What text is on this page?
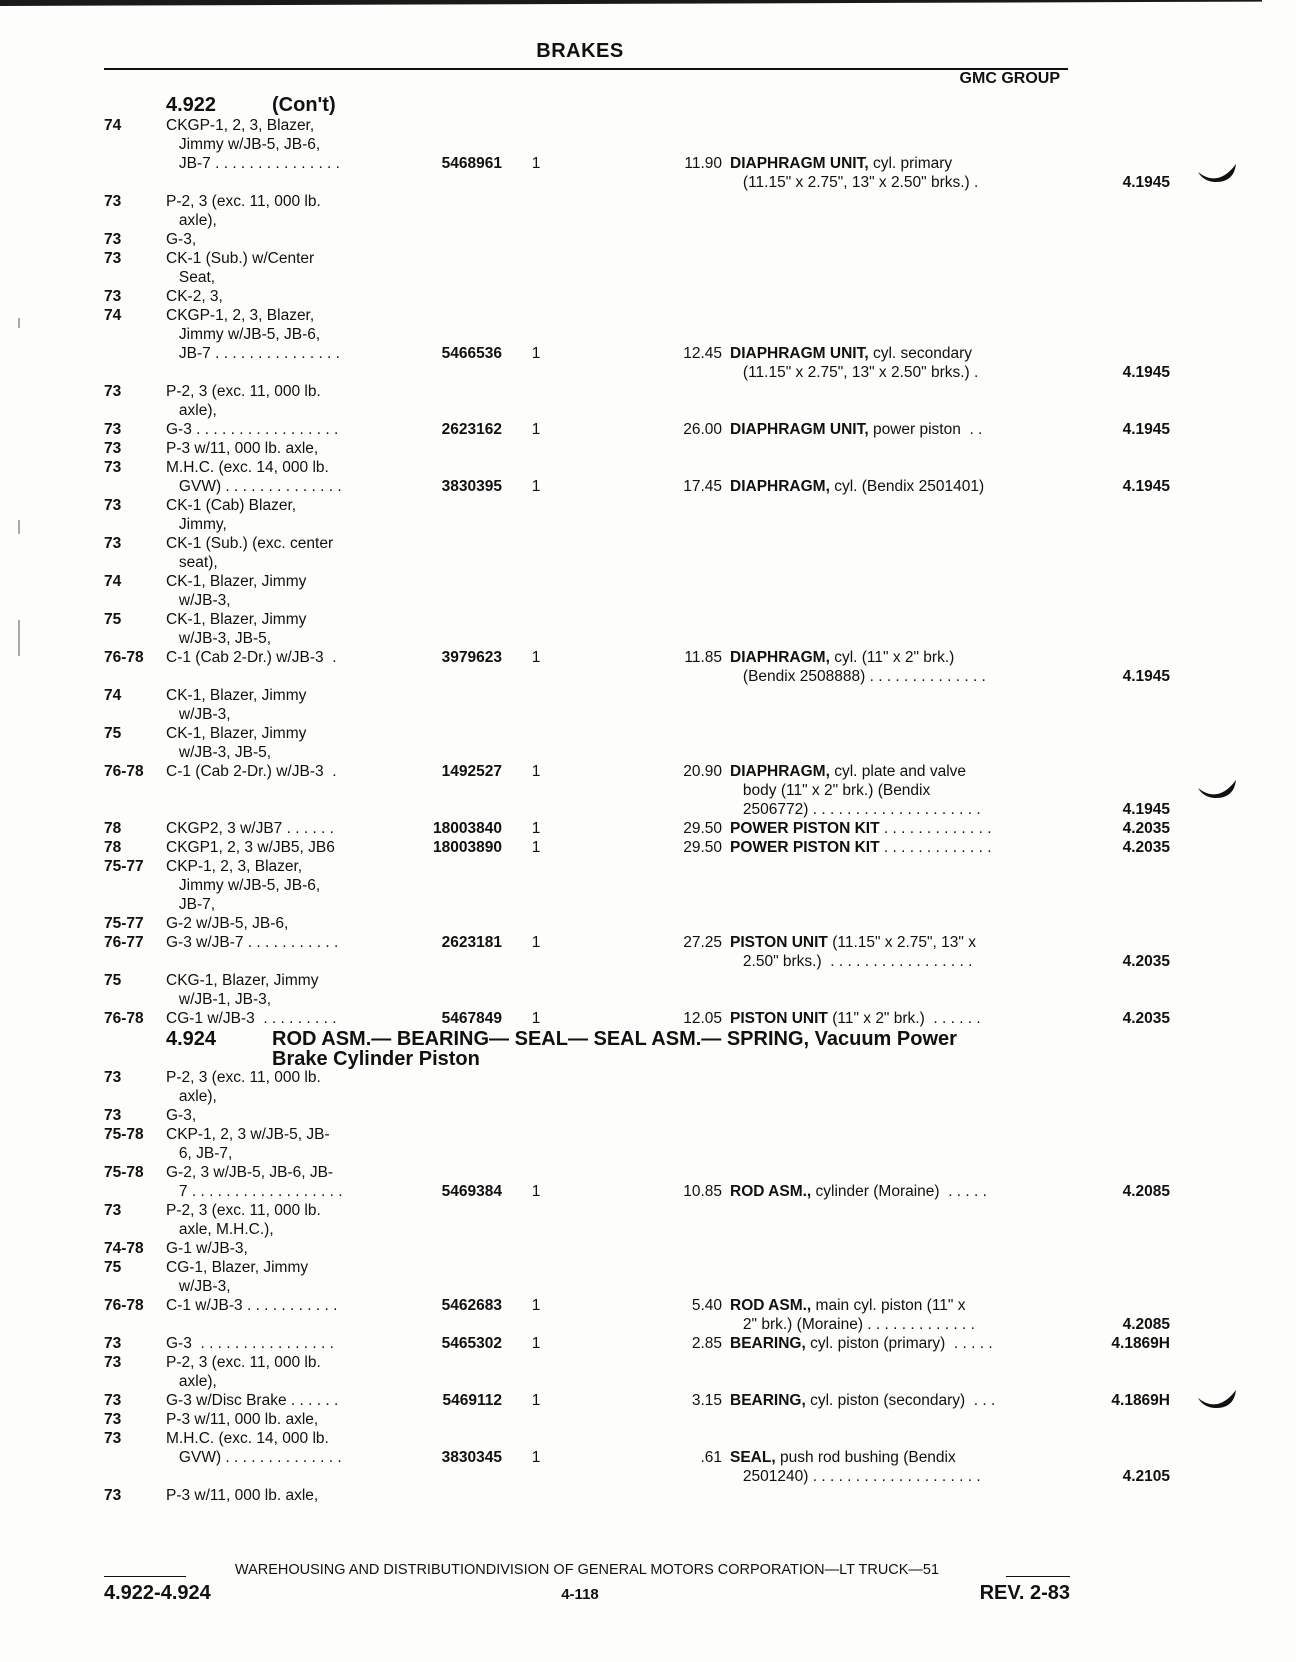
BRAKES
GMC GROUP
4.922	(Con't)
74	CKGP-1, 2, 3, Blazer,
Jimmy w/JB-5, JB-6,
JB-7 . . . . . . . . . . . . . . .	5468961	1	11.90 DIAPHRAGM UNIT, cyl. primary
(11.15" x 2.75", 13" x 2.50" brks.) .	4.1945
73	P-2, 3 (exc. 11, 000 lb.
axle),
73	G-3,
73	CK-1 (Sub.) w/Center
Seat,
73	CK-2, 3,
74	CKGP-1, 2, 3, Blazer,
Jimmy w/JB-5, JB-6,
JB-7 . . . . . . . . . . . . . . .	5466536	1	12.45 DIAPHRAGM UNIT, cyl. secondary
(11.15" x 2.75", 13" x 2.50" brks.) .	4.1945
73	P-2, 3 (exc. 11, 000 lb.
axle),
73	G-3 . . . . . . . . . . . . . . . . .	2623162	1	26.00 DIAPHRAGM UNIT, power piston  . .	4.1945
73	P-3 w/11, 000 lb. axle,
73	M.H.C. (exc. 14, 000 lb.
GVW) . . . . . . . . . . . . . .	3830395	1	17.45 DIAPHRAGM, cyl. (Bendix 2501401)	4.1945
73	CK-1 (Cab) Blazer,
Jimmy,
73	CK-1 (Sub.) (exc. center
seat),
74	CK-1, Blazer, Jimmy
w/JB-3,
75	CK-1, Blazer, Jimmy
w/JB-3, JB-5,
76-78	C-1 (Cab 2-Dr.) w/JB-3  .	3979623	1	11.85 DIAPHRAGM, cyl. (11" x 2" brk.)
(Bendix 2508888) . . . . . . . . . . . . . .	4.1945
74	CK-1, Blazer, Jimmy
w/JB-3,
75	CK-1, Blazer, Jimmy
w/JB-3, JB-5,
76-78	C-1 (Cab 2-Dr.) w/JB-3  .	1492527	1	20.90 DIAPHRAGM, cyl. plate and valve
body (11" x 2" brk.) (Bendix
2506772) . . . . . . . . . . . . . . . . . . . .	4.1945
78	CKGP2, 3 w/JB7 . . . . . .	18003840	1	29.50 POWER PISTON KIT . . . . . . . . . . . . .	4.2035
78	CKGP1, 2, 3 w/JB5, JB6	18003890	1	29.50 POWER PISTON KIT . . . . . . . . . . . . .	4.2035
75-77	CKP-1, 2, 3, Blazer,
Jimmy w/JB-5, JB-6,
JB-7,
75-77	G-2 w/JB-5, JB-6,
76-77	G-3 w/JB-7 . . . . . . . . . . .	2623181	1	27.25 PISTON UNIT (11.15" x 2.75", 13" x
2.50" brks.)  . . . . . . . . . . . . . . . . .	4.2035
75	CKG-1, Blazer, Jimmy
w/JB-1, JB-3,
76-78	CG-1 w/JB-3  . . . . . . . . .	5467849	1	12.05 PISTON UNIT (11" x 2" brk.)  . . . . . .	4.2035
4.924	ROD ASM.— BEARING— SEAL— SEAL ASM.— SPRING, Vacuum Power
Brake Cylinder Piston
73	P-2, 3 (exc. 11, 000 lb.
axle),
73	G-3,
75-78	CKP-1, 2, 3 w/JB-5, JB-
6, JB-7,
75-78	G-2, 3 w/JB-5, JB-6, JB-
7 . . . . . . . . . . . . . . . . . .	5469384	1	10.85 ROD ASM., cylinder (Moraine)  . . . . .	4.2085
73	P-2, 3 (exc. 11, 000 lb.
axle, M.H.C.),
74-78	G-1 w/JB-3,
75	CG-1, Blazer, Jimmy
w/JB-3,
76-78	C-1 w/JB-3 . . . . . . . . . . .	5462683	1	5.40 ROD ASM., main cyl. piston (11" x
2" brk.) (Moraine) . . . . . . . . . . . . .	4.2085
73	G-3  . . . . . . . . . . . . . . . .	5465302	1	2.85 BEARING, cyl. piston (primary)  . . . . .	4.1869H
73	P-2, 3 (exc. 11, 000 lb.
axle),
73	G-3 w/Disc Brake . . . . . .	5469112	1	3.15 BEARING, cyl. piston (secondary)  . . .	4.1869H
73	P-3 w/11, 000 lb. axle,
73	M.H.C. (exc. 14, 000 lb.
GVW) . . . . . . . . . . . . . .	3830345	1	.61 SEAL, push rod bushing (Bendix
2501240) . . . . . . . . . . . . . . . . . . . .	4.2105
73	P-3 w/11, 000 lb. axle,
WAREHOUSING AND DISTRIBUTIONDIVISION OF GENERAL MOTORS CORPORATION—LT TRUCK—51
4.922-4.924	4-118	REV. 2-83
